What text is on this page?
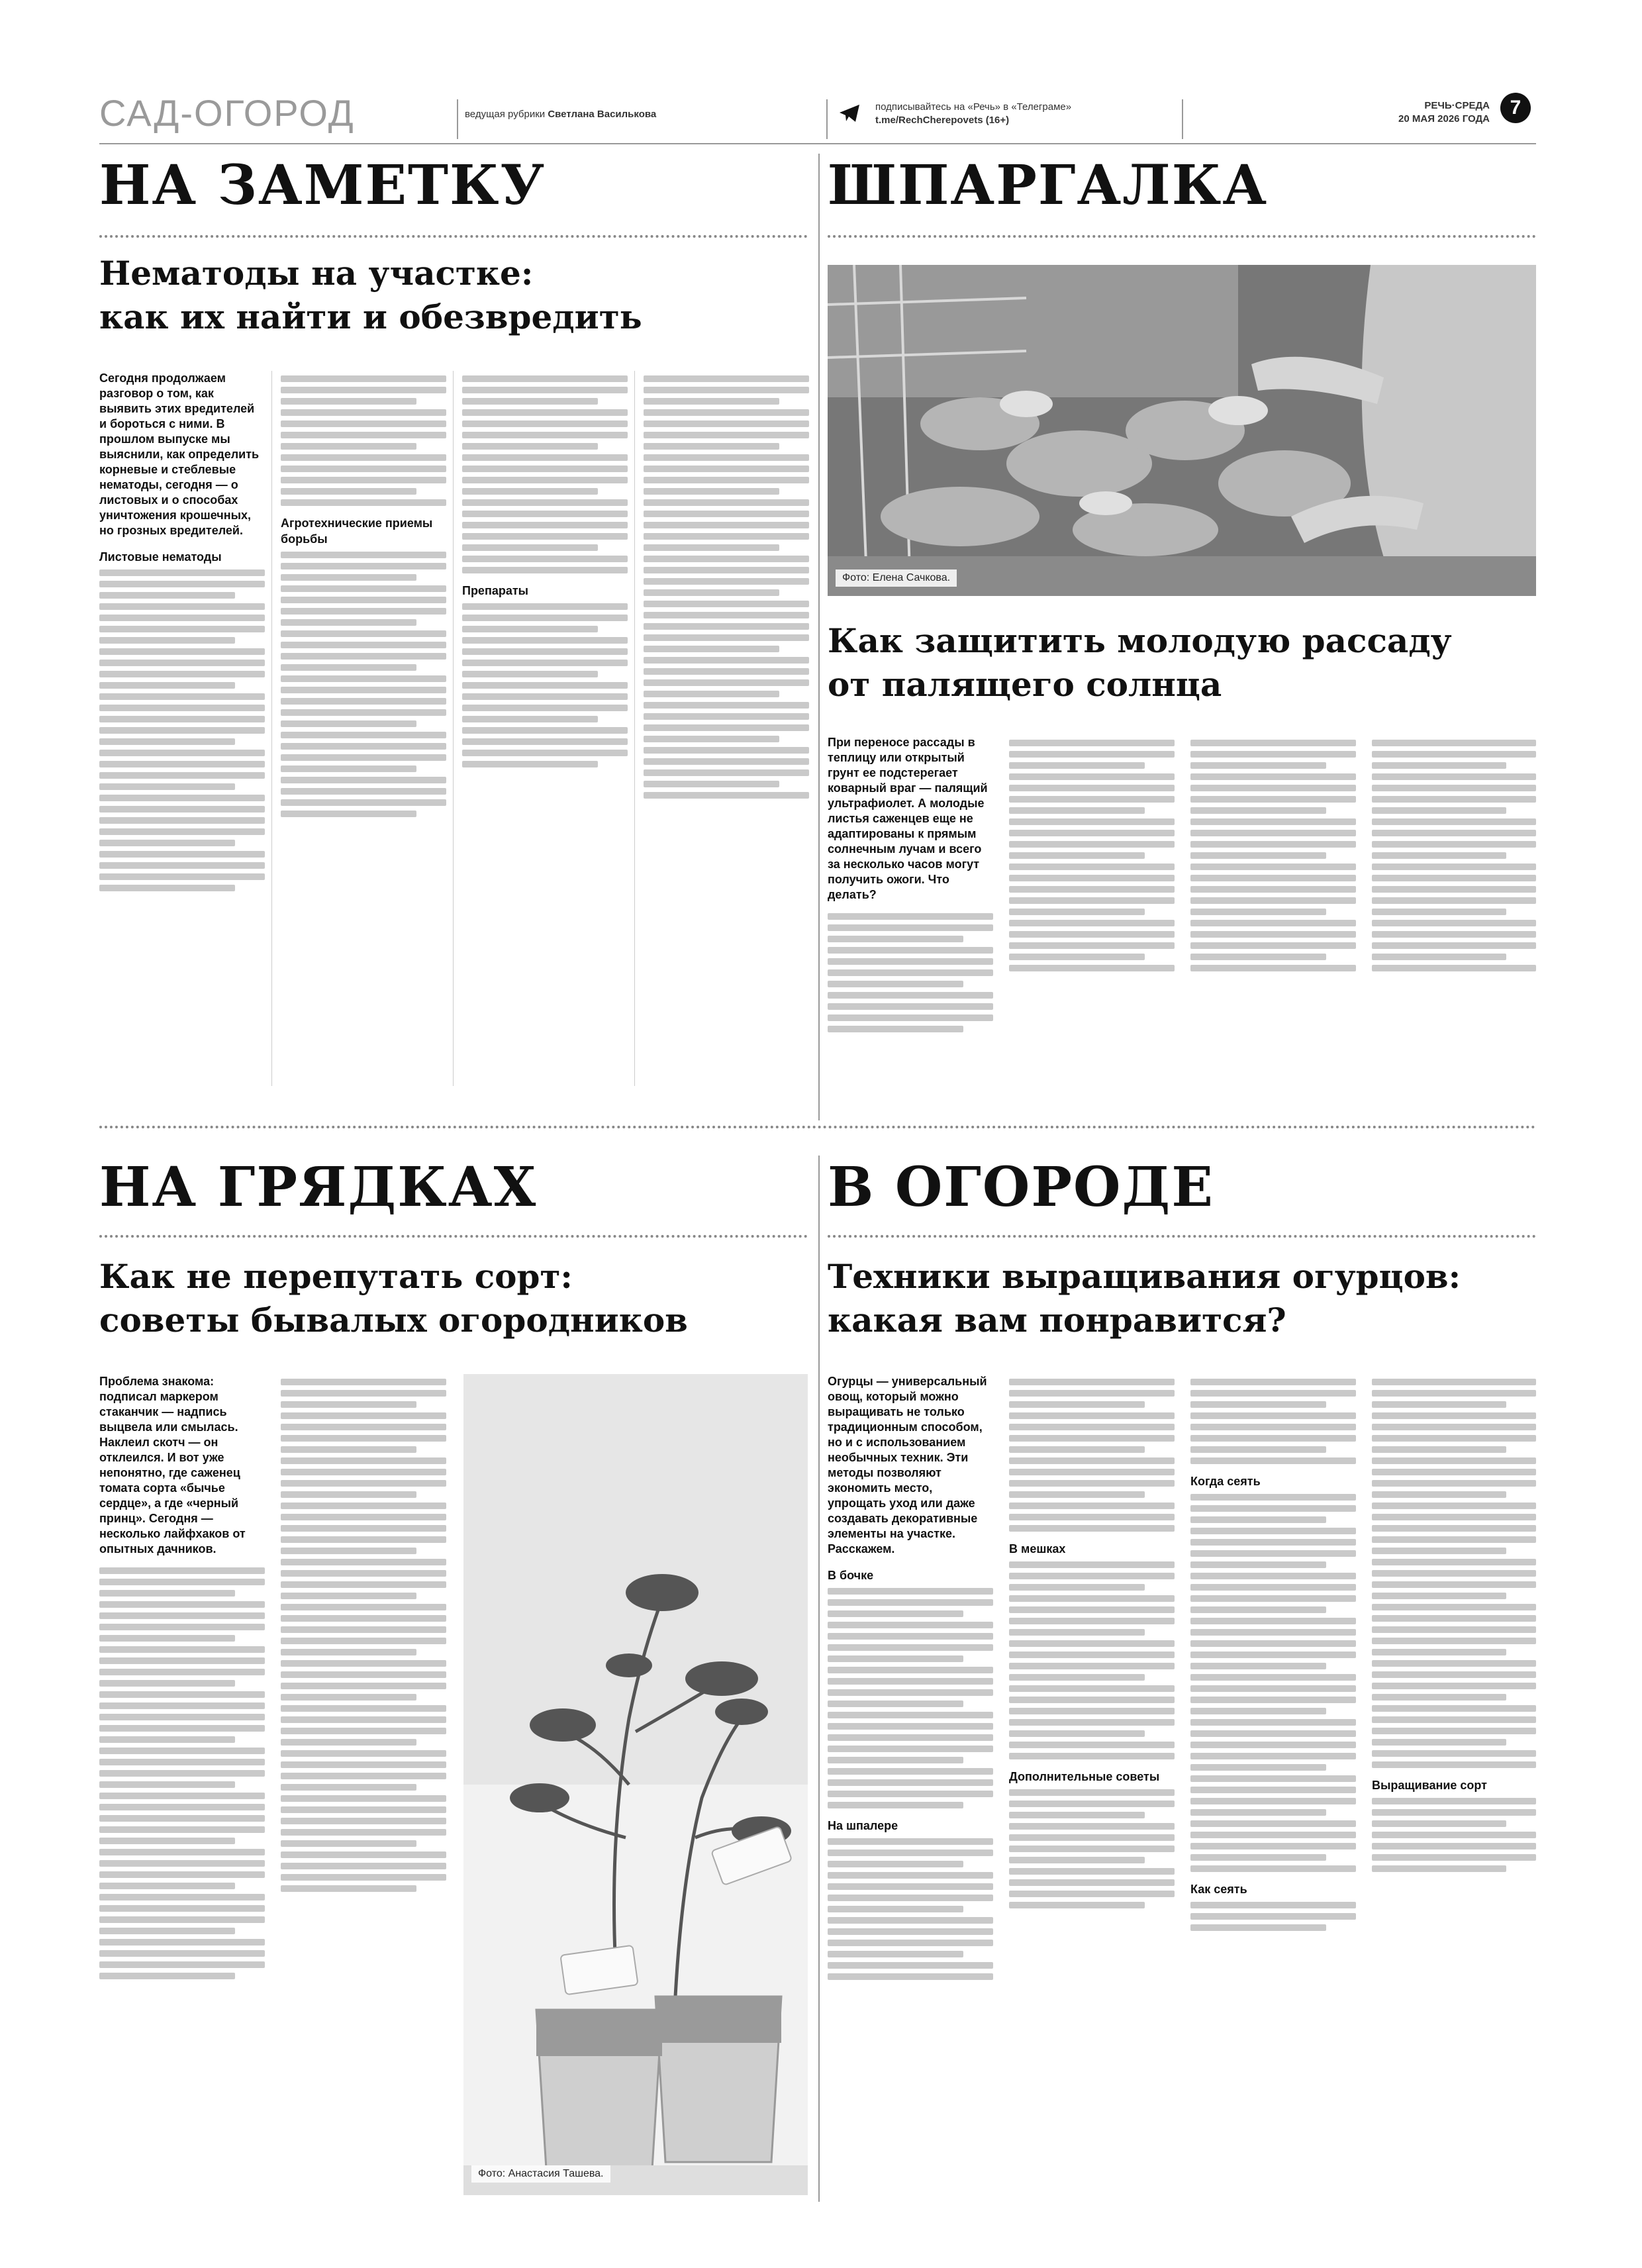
САД-ОГОРОД	ведущая рубрики Светлана Василькова
подписывайтесь на «Речь» в «Телеграме»
t.me/RechCherepovets (16+)
РЕЧЬ·СРЕДА
20 МАЯ 2026 ГОДА
7
НА ЗАМЕТКУ
Нематоды на участке:
как их найти и обезвредить

Сегодня продолжаем разговор о том, как выявить этих вредителей и бороться с ними. В прошлом выпуске мы выяснили, как определить корневые и стеблевые нематоды, сегодня — о листовых и о способах уничтожения крошечных, но грозных вредителей.

Листовые нематоды

Агротехнические приемы борьбы

Препараты

ШПАРГАЛКА
Фото: Елена Сачкова.
Как защитить молодую рассаду
от палящего солнца

При переносе рассады в теплицу или открытый грунт ее подстерегает коварный враг — палящий ультрафиолет. А молодые листья саженцев еще не адаптированы к прямым солнечным лучам и всего за несколько часов могут получить ожоги. Что делать?

НА ГРЯДКАХ
Как не перепутать сорт:
советы бывалых огородников

Проблема знакома: подписал маркером стаканчик — надпись выцвела или смылась. Наклеил скотч — он отклеился. И вот уже непонятно, где саженец томата сорта «бычье сердце», а где «черный принц». Сегодня — несколько лайфхаков от опытных дачников.

Фото: Анастасия Ташева.
В ОГОРОДЕ
Техники выращивания огурцов:
какая вам понравится?

Огурцы — универсальный овощ, который можно выращивать не только традиционным способом, но и с использованием необычных техник. Эти методы позволяют экономить место, упрощать уход или даже создавать декоративные элементы на участке. Расскажем.

В бочке

На шпалере

В мешках

Дополнительные советы

Когда сеять

Как сеять

Выращивание сорт
